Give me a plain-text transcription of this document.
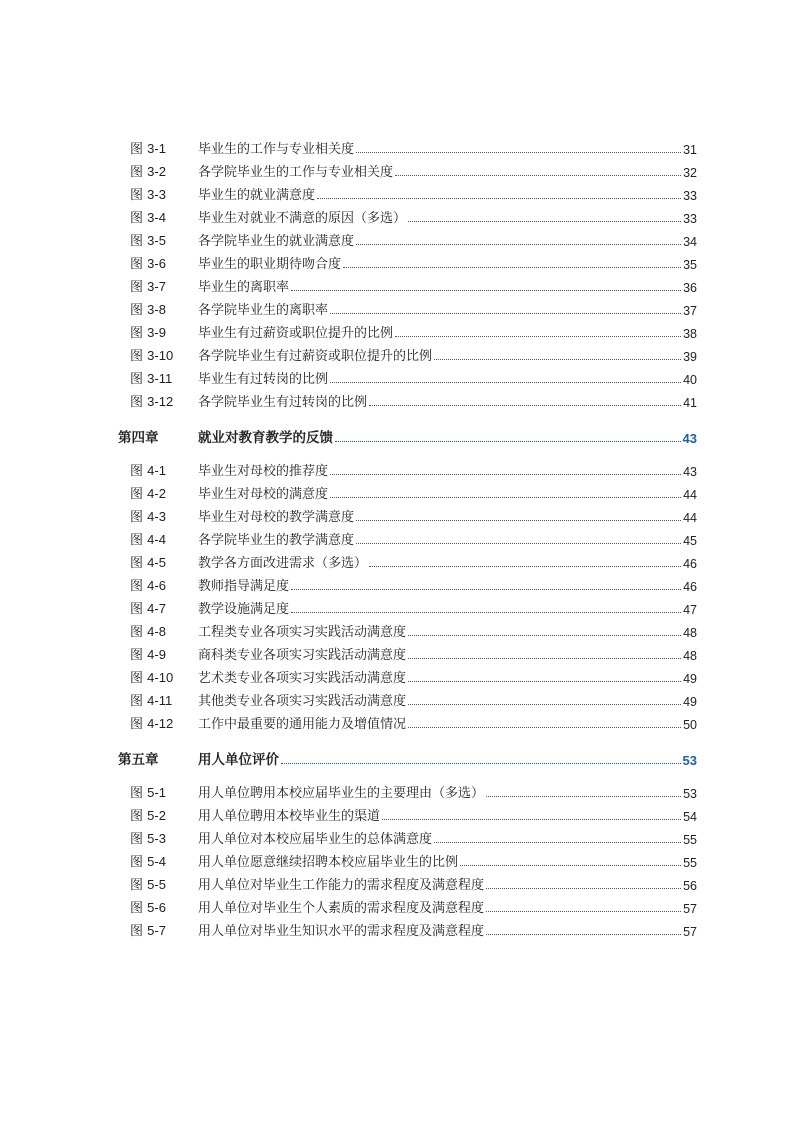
图 3-1	毕业生的工作与专业相关度	31
图 3-2	各学院毕业生的工作与专业相关度	32
图 3-3	毕业生的就业满意度	33
图 3-4	毕业生对就业不满意的原因（多选）	33
图 3-5	各学院毕业生的就业满意度	34
图 3-6	毕业生的职业期待吻合度	35
图 3-7	毕业生的离职率	36
图 3-8	各学院毕业生的离职率	37
图 3-9	毕业生有过薪资或职位提升的比例	38
图 3-10	各学院毕业生有过薪资或职位提升的比例	39
图 3-11	毕业生有过转岗的比例	40
图 3-12	各学院毕业生有过转岗的比例	41
第四章	就业对教育教学的反馈	43
图 4-1	毕业生对母校的推荐度	43
图 4-2	毕业生对母校的满意度	44
图 4-3	毕业生对母校的教学满意度	44
图 4-4	各学院毕业生的教学满意度	45
图 4-5	教学各方面改进需求（多选）	46
图 4-6	教师指导满足度	46
图 4-7	教学设施满足度	47
图 4-8	工程类专业各项实习实践活动满意度	48
图 4-9	商科类专业各项实习实践活动满意度	48
图 4-10	艺术类专业各项实习实践活动满意度	49
图 4-11	其他类专业各项实习实践活动满意度	49
图 4-12	工作中最重要的通用能力及增值情况	50
第五章	用人单位评价	53
图 5-1	用人单位聘用本校应届毕业生的主要理由（多选）	53
图 5-2	用人单位聘用本校毕业生的渠道	54
图 5-3	用人单位对本校应届毕业生的总体满意度	55
图 5-4	用人单位愿意继续招聘本校应届毕业生的比例	55
图 5-5	用人单位对毕业生工作能力的需求程度及满意程度	56
图 5-6	用人单位对毕业生个人素质的需求程度及满意程度	57
图 5-7	用人单位对毕业生知识水平的需求程度及满意程度	57
